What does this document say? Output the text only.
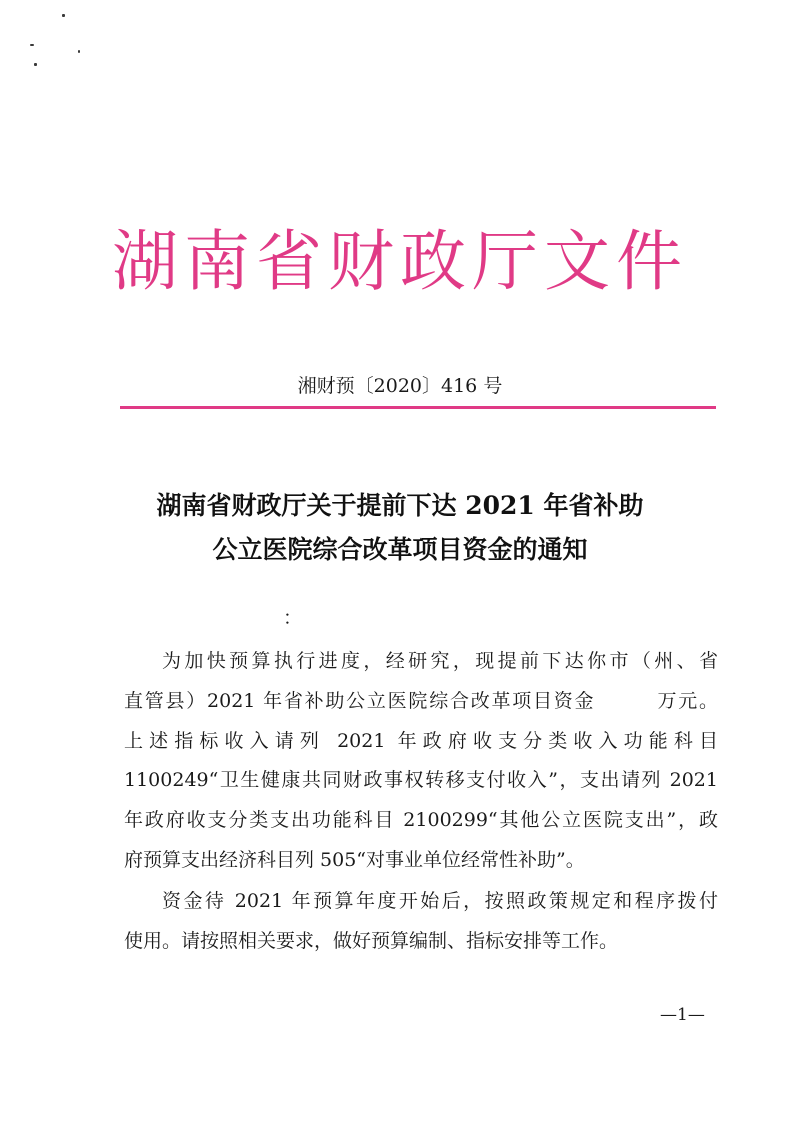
湖南省财政厅文件
湘财预〔2020〕416 号
湖南省财政厅关于提前下达 2021 年省补助
公立医院综合改革项目资金的通知
：
为加快预算执行进度，经研究，现提前下达你市（州、省
直管县）2021 年省补助公立医院综合改革项目资金　　　万元。
上述指标收入请列 2021 年政府收支分类收入功能科目
1100249“卫生健康共同财政事权转移支付收入”，支出请列 2021
年政府收支分类支出功能科目 2100299“其他公立医院支出”，政
府预算支出经济科目列 505“对事业单位经常性补助”。
资金待 2021 年预算年度开始后，按照政策规定和程序拨付
使用。请按照相关要求，做好预算编制、指标安排等工作。
—1—
